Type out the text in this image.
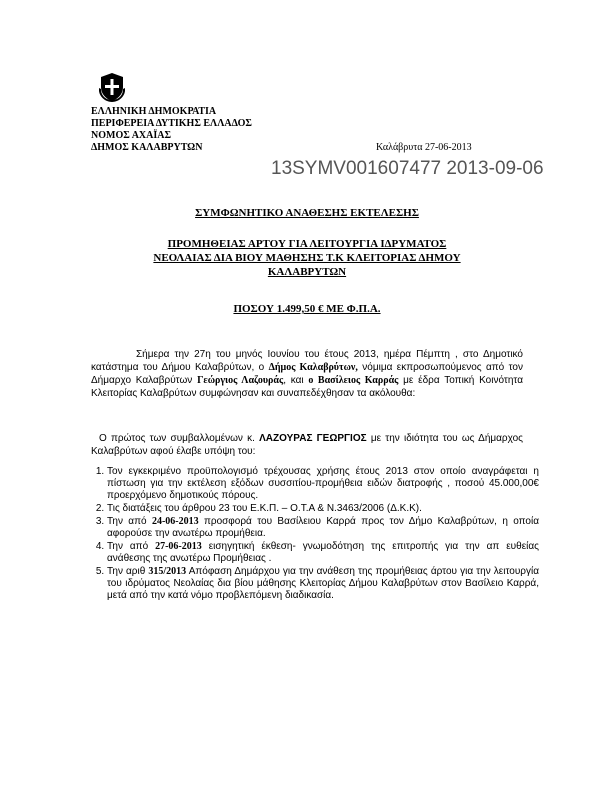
ΕΛΛΗΝΙΚΗ ΔΗΜΟΚΡΑΤΙΑ
ΠΕΡΙΦΕΡΕΙΑ ΔΥΤΙΚΗΣ ΕΛΛΑΔΟΣ
ΝΟΜΟΣ ΑΧΑΪΑΣ
ΔΗΜΟΣ ΚΑΛΑΒΡΥΤΩΝ	Καλάβρυτα 27-06-2013
13SYMV001607477 2013-09-06
ΣΥΜΦΩΝΗΤΙΚΟ ΑΝΑΘΕΣΗΣ ΕΚΤΕΛΕΣΗΣ
ΠΡΟΜΗΘΕΙΑΣ ΑΡΤΟΥ ΓΙΑ ΛΕΙΤΟΥΡΓΙΑ ΙΔΡΥΜΑΤΟΣ
ΝΕΟΛΑΙΑΣ ΔΙΑ ΒΙΟΥ ΜΑΘΗΣΗΣ Τ.Κ ΚΛΕΙΤΟΡΙΑΣ ΔΗΜΟΥ
ΚΑΛΑΒΡΥΤΩΝ
ΠΟΣΟΥ 1.499,50 € ΜΕ Φ.Π.Α.
Σήμερα την 27η του μηνός Ιουνίου του έτους 2013, ημέρα Πέμπτη , στο Δημοτικό κατάστημα του Δήμου Καλαβρύτων, ο Δήμος Καλαβρύτων, νόμιμα εκπροσωπούμενος από τον Δήμαρχο Καλαβρύτων Γεώργιος Λαζουράς, και ο Βασίλειος Καρράς με έδρα Τοπική Κοινότητα Κλειτορίας Καλαβρύτων συμφώνησαν και συναπεδέχθησαν τα ακόλουθα:
Ο πρώτος των συμβαλλομένων κ. ΛΑΖΟΥΡΑΣ ΓΕΩΡΓΙΟΣ με την ιδιότητα του ως Δήμαρχος Καλαβρύτων αφού έλαβε υπόψη του:
1. Τον εγκεκριμένο προϋπολογισμό τρέχουσας χρήσης έτους 2013 στον οποίο αναγράφεται η πίστωση για την εκτέλεση εξόδων συσσιτίου-προμήθεια ειδών διατροφής , ποσού 45.000,00€ προερχόμενο δημοτικούς πόρους.
2. Τις διατάξεις του άρθρου 23 του Ε.Κ.Π. – Ο.Τ.Α & Ν.3463/2006 (Δ.Κ.Κ).
3. Την από 24-06-2013 προσφορά του Βασίλειου Καρρά προς τον Δήμο Καλαβρύτων, η οποία αφορούσε την ανωτέρω προμήθεια.
4. Την από 27-06-2013 εισηγητική έκθεση- γνωμοδότηση της επιτροπής για την απ ευθείας ανάθεσης της ανωτέρω Προμήθειας .
5. Την αριθ 315/2013 Απόφαση Δημάρχου για την ανάθεση της προμήθειας άρτου για την λειτουργία του ιδρύματος Νεολαίας δια βίου μάθησης Κλειτορίας Δήμου Καλαβρύτων στον Βασίλειο Καρρά, μετά από την κατά νόμο προβλεπόμενη διαδικασία.
